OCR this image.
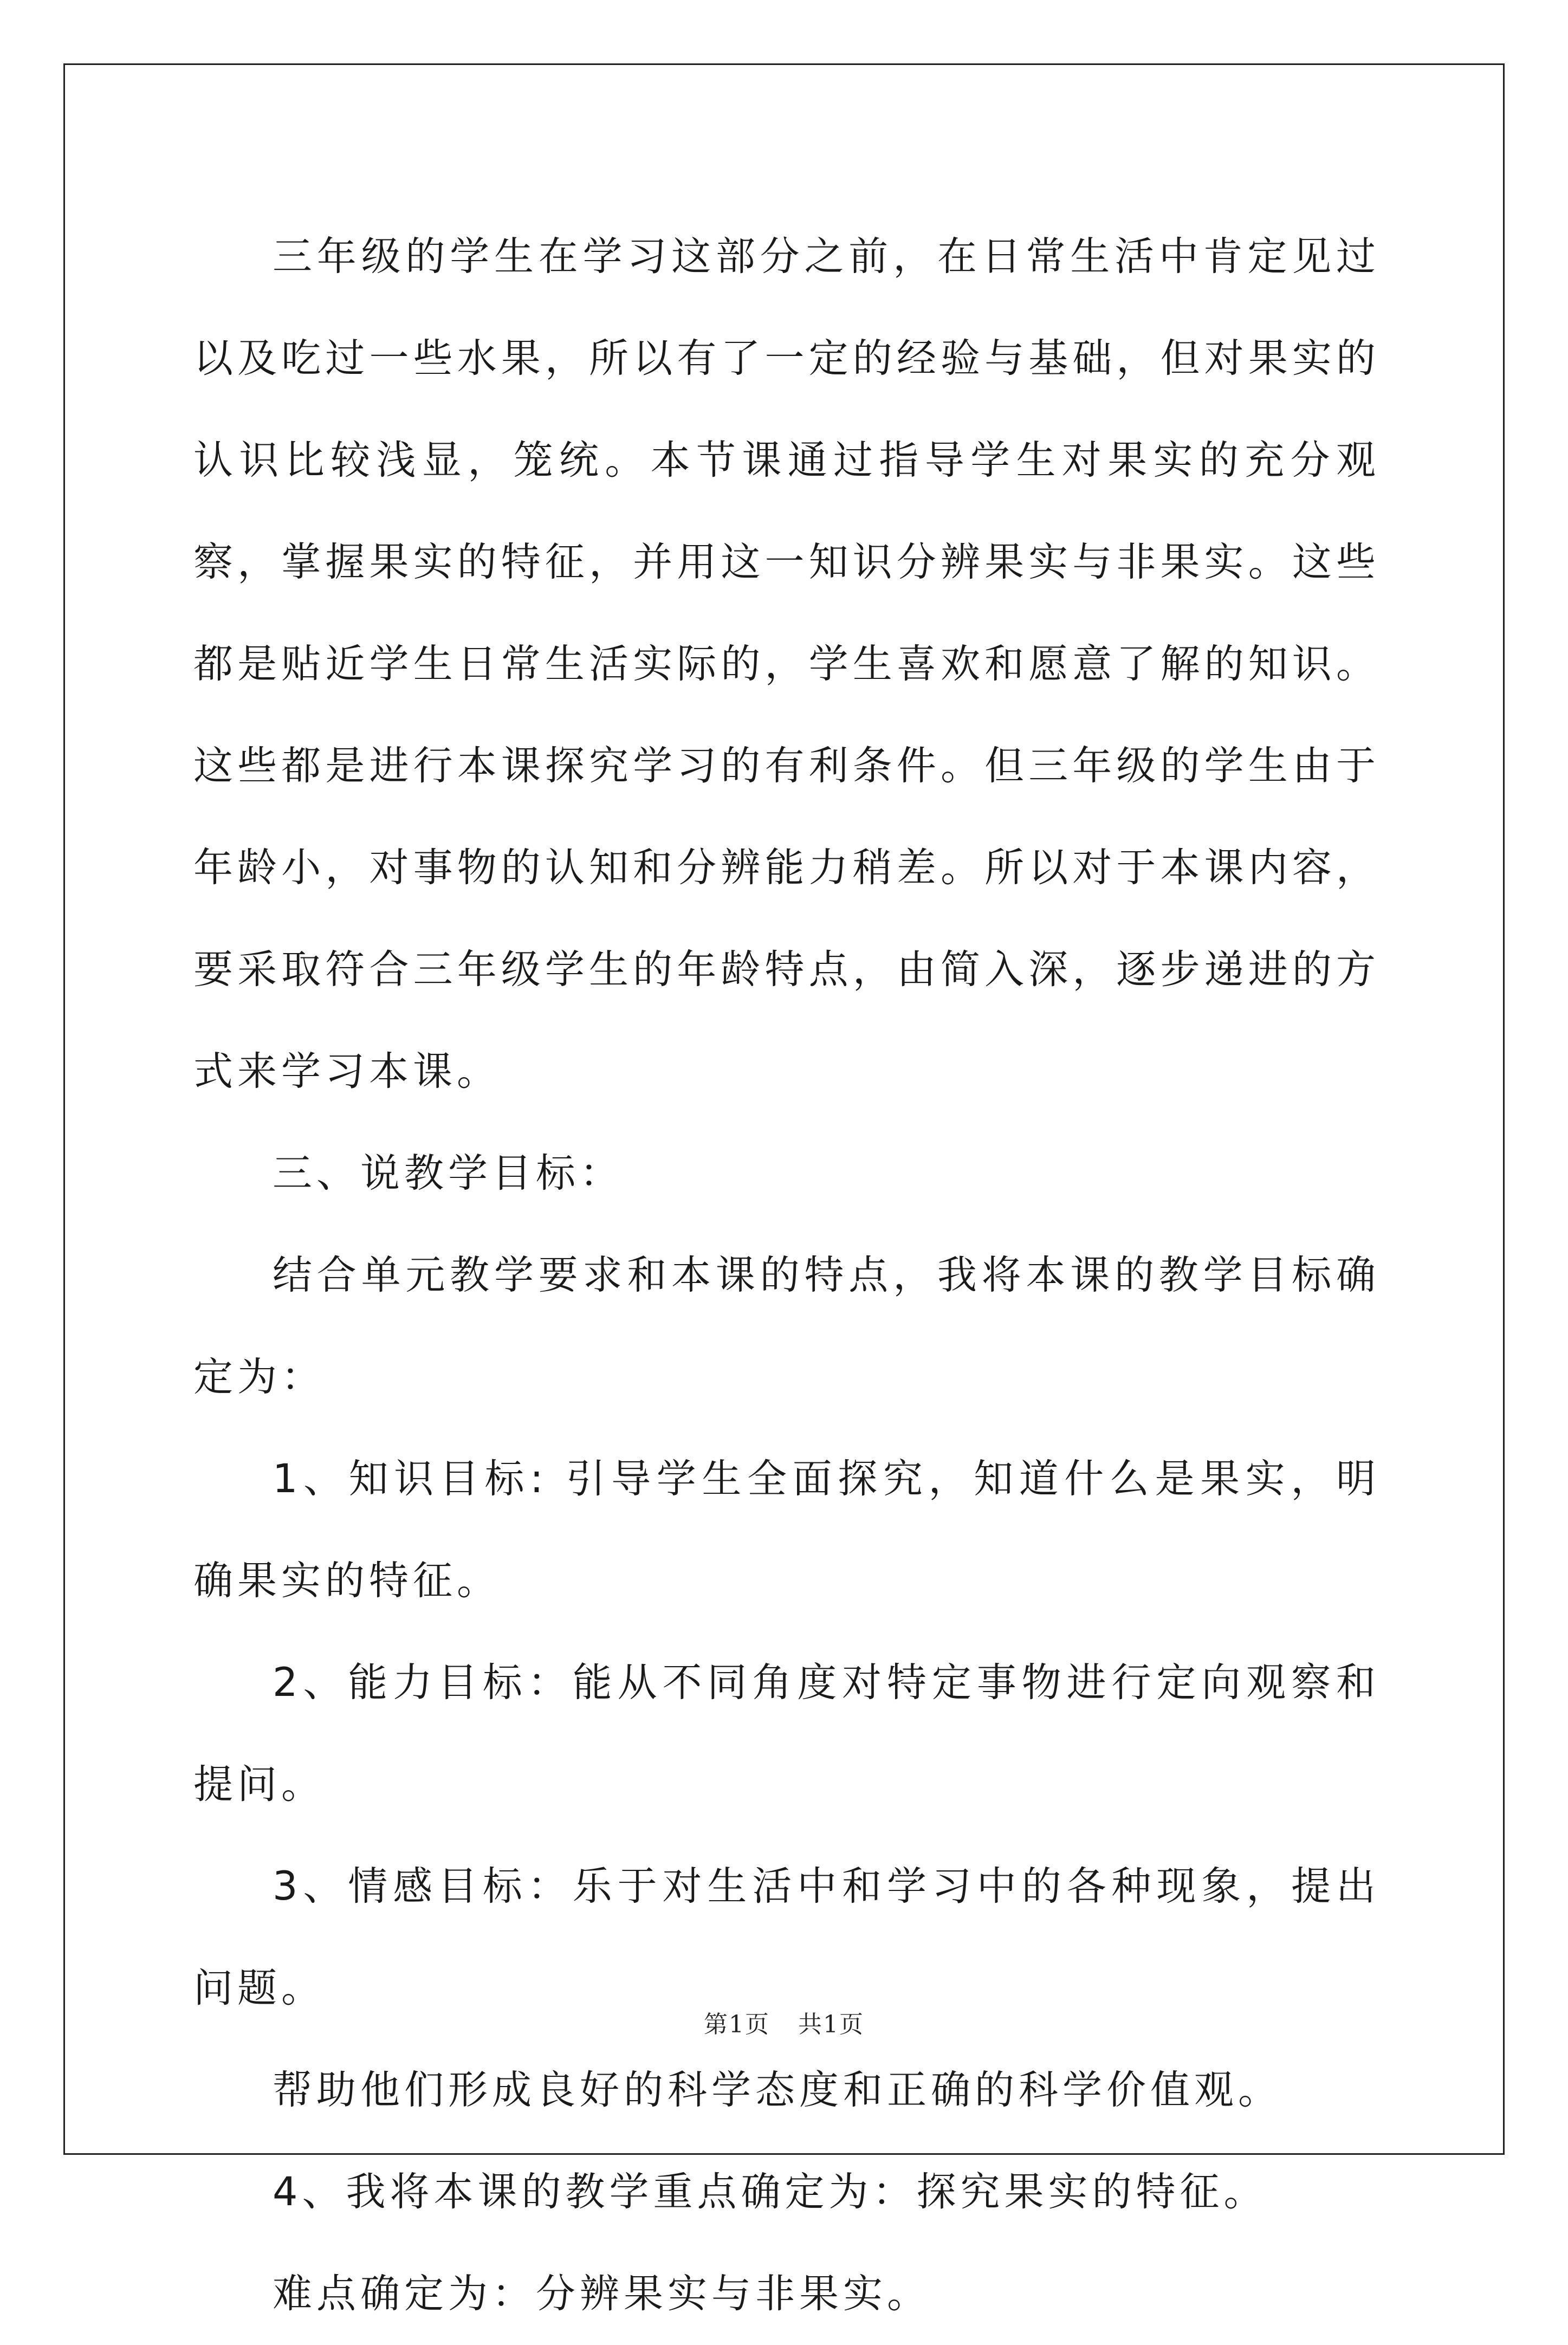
三年级的学生在学习这部分之前，在日常生活中肯定见过以及吃过一些水果，所以有了一定的经验与基础，但对果实的认识比较浅显，笼统。本节课通过指导学生对果实的充分观察，掌握果实的特征，并用这一知识分辨果实与非果实。这些都是贴近学生日常生活实际的，学生喜欢和愿意了解的知识。这些都是进行本课探究学习的有利条件。但三年级的学生由于年龄小，对事物的认知和分辨能力稍差。所以对于本课内容，要采取符合三年级学生的年龄特点，由简入深，逐步递进的方式来学习本课。

三、说教学目标：

结合单元教学要求和本课的特点，我将本课的教学目标确定为：

1、知识目标: 引导学生全面探究，知道什么是果实，明确果实的特征。

2、能力目标：能从不同角度对特定事物进行定向观察和提问。

3、情感目标：乐于对生活中和学习中的各种现象，提出问题。

帮助他们形成良好的科学态度和正确的科学价值观。

4、我将本课的教学重点确定为：探究果实的特征。

难点确定为：分辨果实与非果实。

第1页 共1页
